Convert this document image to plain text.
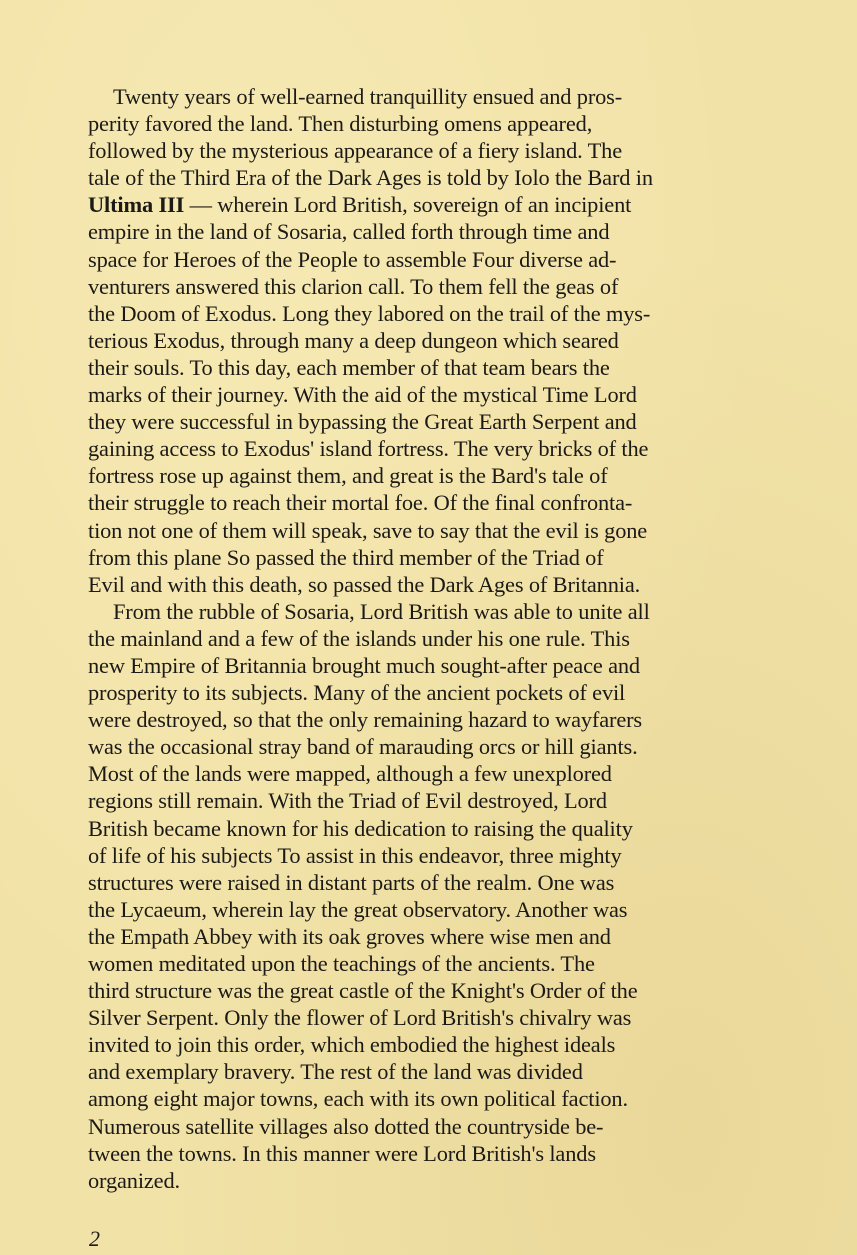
Twenty years of well-earned tranquillity ensued and pros-
perity favored the land. Then disturbing omens appeared,
followed by the mysterious appearance of a fiery island. The
tale of the Third Era of the Dark Ages is told by Iolo the Bard in
Ultima III — wherein Lord British, sovereign of an incipient
empire in the land of Sosaria, called forth through time and
space for Heroes of the People to assemble Four diverse ad-
venturers answered this clarion call. To them fell the geas of
the Doom of Exodus. Long they labored on the trail of the mys-
terious Exodus, through many a deep dungeon which seared
their souls. To this day, each member of that team bears the
marks of their journey. With the aid of the mystical Time Lord
they were successful in bypassing the Great Earth Serpent and
gaining access to Exodus' island fortress. The very bricks of the
fortress rose up against them, and great is the Bard's tale of
their struggle to reach their mortal foe. Of the final confronta-
tion not one of them will speak, save to say that the evil is gone
from this plane So passed the third member of the Triad of
Evil and with this death, so passed the Dark Ages of Britannia.
From the rubble of Sosaria, Lord British was able to unite all
the mainland and a few of the islands under his one rule. This
new Empire of Britannia brought much sought-after peace and
prosperity to its subjects. Many of the ancient pockets of evil
were destroyed, so that the only remaining hazard to wayfarers
was the occasional stray band of marauding orcs or hill giants.
Most of the lands were mapped, although a few unexplored
regions still remain. With the Triad of Evil destroyed, Lord
British became known for his dedication to raising the quality
of life of his subjects To assist in this endeavor, three mighty
structures were raised in distant parts of the realm. One was
the Lycaeum, wherein lay the great observatory. Another was
the Empath Abbey with its oak groves where wise men and
women meditated upon the teachings of the ancients. The
third structure was the great castle of the Knight's Order of the
Silver Serpent. Only the flower of Lord British's chivalry was
invited to join this order, which embodied the highest ideals
and exemplary bravery. The rest of the land was divided
among eight major towns, each with its own political faction.
Numerous satellite villages also dotted the countryside be-
tween the towns. In this manner were Lord British's lands
organized.
2
